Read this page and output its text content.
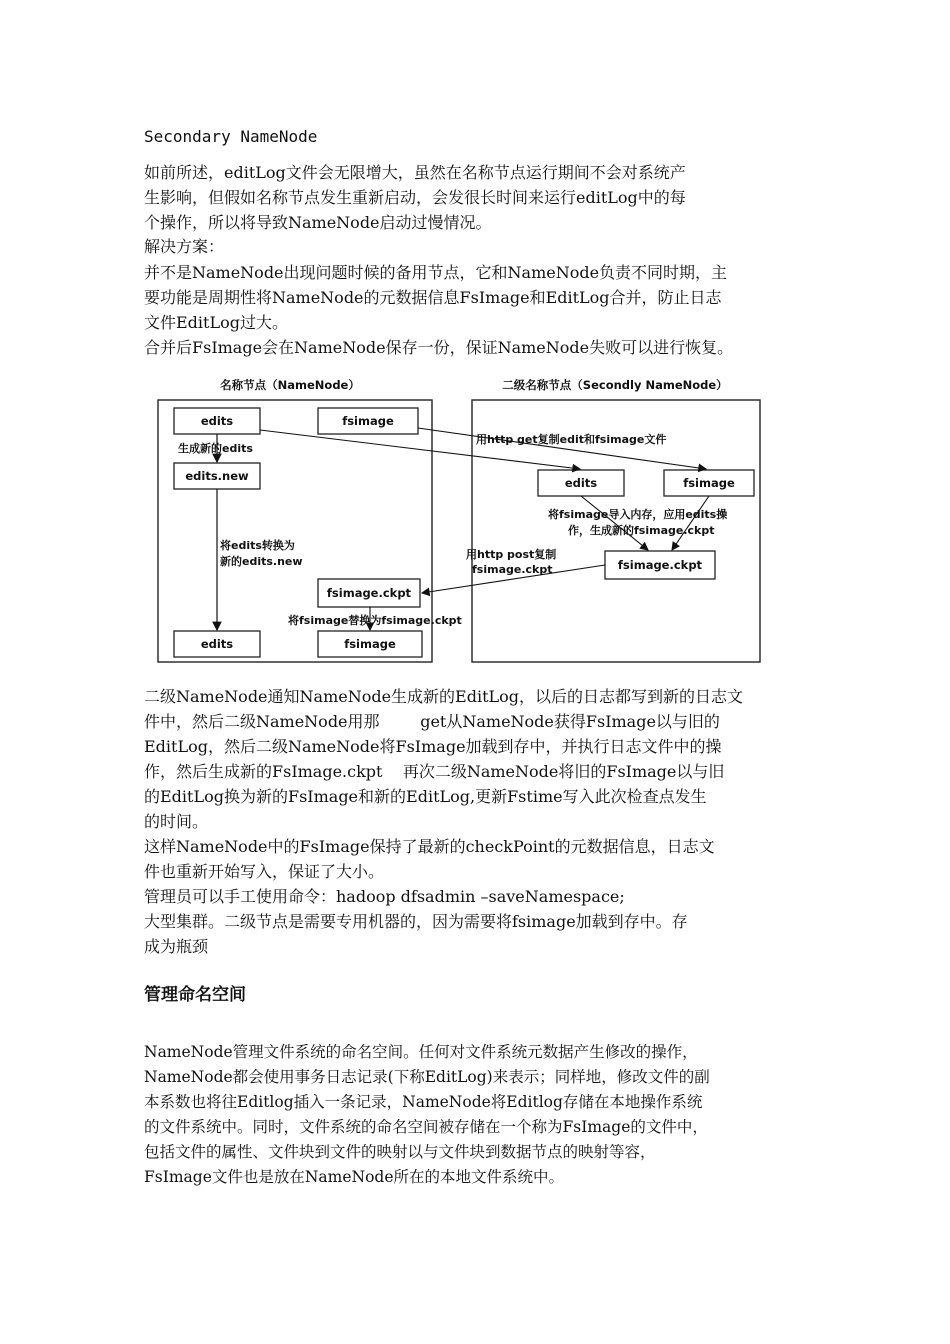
Secondary NameNode

如前所述，editLog文件会无限增大，虽然在名称节点运行期间不会对系统产
生影响，但假如名称节点发生重新启动，会发很长时间来运行editLog中的每
个操作，所以将导致NameNode启动过慢情况。

解决方案：

并不是NameNode出现问题时候的备用节点，它和NameNode负责不同时期，主
要功能是周期性将NameNode的元数据信息FsImage和EditLog合并，防止日志
文件EditLog过大。

合并后FsImage会在NameNode保存一份，保证NameNode失败可以进行恢复。

名称节点（NameNode）	二级名称节点（Secondly NameNode）
edits	fsimage
生成新的edits
edits.new
将edits转换为
新的edits.new
fsimage.ckpt
将fsimage替换为fsimage.ckpt
edits	fsimage
用http get复制edit和fsimage文件
edits	fsimage
将fsimage导入内存，应用edits操
作，生成新的fsimage.ckpt
fsimage.ckpt
用http post复制
fsimage.ckpt

二级NameNode通知NameNode生成新的EditLog，以后的日志都写到新的日志文
件中，然后二级NameNode用那        get从NameNode获得FsImage以与旧的
EditLog，然后二级NameNode将FsImage加载到存中，并执行日志文件中的操
作，然后生成新的FsImage.ckpt    再次二级NameNode将旧的FsImage以与旧
的EditLog换为新的FsImage和新的EditLog,更新Fstime写入此次检查点发生
的时间。

这样NameNode中的FsImage保持了最新的checkPoint的元数据信息，日志文
件也重新开始写入，保证了大小。

管理员可以手工使用命令：hadoop dfsadmin –saveNamespace;

大型集群。二级节点是需要专用机器的，因为需要将fsimage加载到存中。存
成为瓶颈

管理命名空间

NameNode管理文件系统的命名空间。任何对文件系统元数据产生修改的操作，
NameNode都会使用事务日志记录(下称EditLog)来表示；同样地，修改文件的副
本系数也将往Editlog插入一条记录，NameNode将Editlog存储在本地操作系统
的文件系统中。同时，文件系统的命名空间被存储在一个称为FsImage的文件中，
包括文件的属性、文件块到文件的映射以与文件块到数据节点的映射等容，
FsImage文件也是放在NameNode所在的本地文件系统中。
